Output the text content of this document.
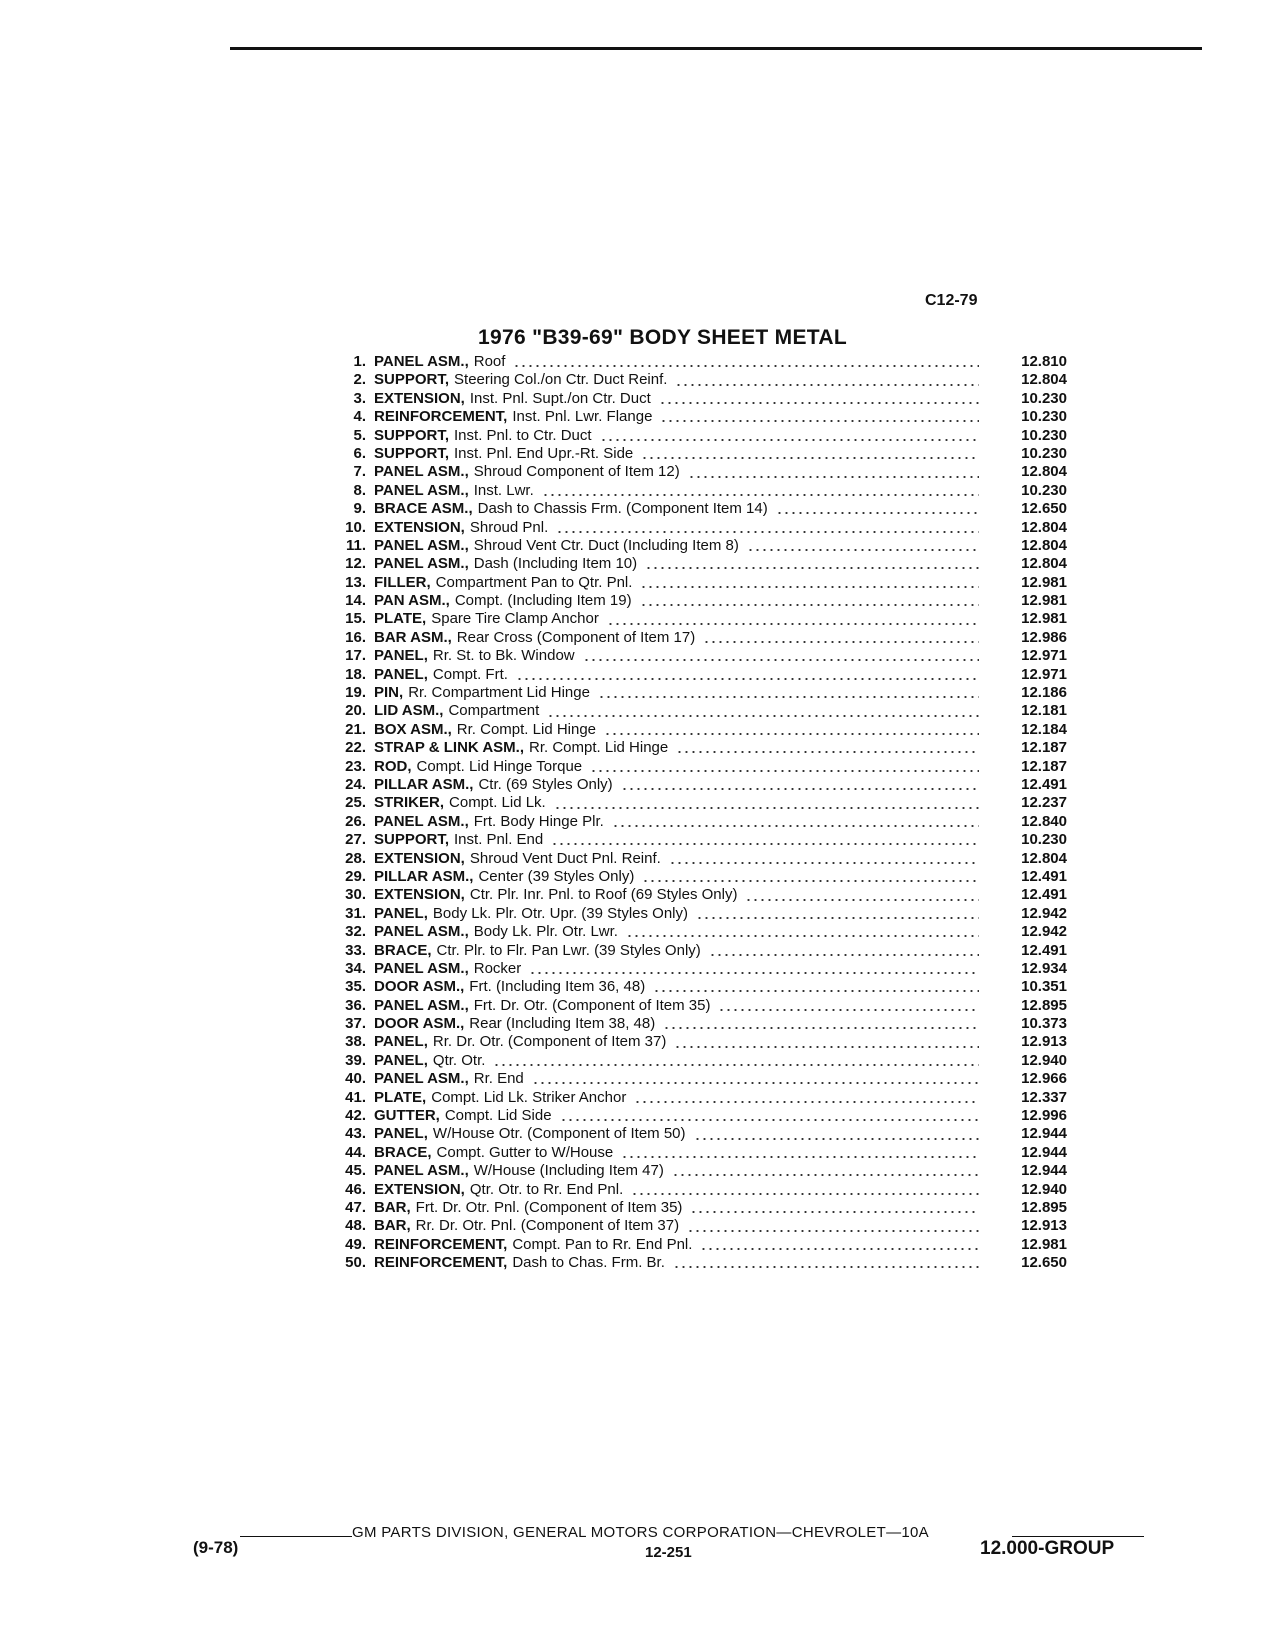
C12-79
1976 "B39-69" BODY SHEET METAL
1. PANEL ASM., Roof	12.810
2. SUPPORT, Steering Col./on Ctr. Duct Reinf.	12.804
3. EXTENSION, Inst. Pnl. Supt./on Ctr. Duct	10.230
4. REINFORCEMENT, Inst. Pnl. Lwr. Flange	10.230
5. SUPPORT, Inst. Pnl. to Ctr. Duct	10.230
6. SUPPORT, Inst. Pnl. End Upr.-Rt. Side	10.230
7. PANEL ASM., Shroud Component of Item 12)	12.804
8. PANEL ASM., Inst. Lwr.	10.230
9. BRACE ASM., Dash to Chassis Frm. (Component Item 14)	12.650
10. EXTENSION, Shroud Pnl.	12.804
11. PANEL ASM., Shroud Vent Ctr. Duct (Including Item 8)	12.804
12. PANEL ASM., Dash (Including Item 10)	12.804
13. FILLER, Compartment Pan to Qtr. Pnl.	12.981
14. PAN ASM., Compt. (Including Item 19)	12.981
15. PLATE, Spare Tire Clamp Anchor	12.981
16. BAR ASM., Rear Cross (Component of Item 17)	12.986
17. PANEL, Rr. St. to Bk. Window	12.971
18. PANEL, Compt. Frt.	12.971
19. PIN, Rr. Compartment Lid Hinge	12.186
20. LID ASM., Compartment	12.181
21. BOX ASM., Rr. Compt. Lid Hinge	12.184
22. STRAP & LINK ASM., Rr. Compt. Lid Hinge	12.187
23. ROD, Compt. Lid Hinge Torque	12.187
24. PILLAR ASM., Ctr. (69 Styles Only)	12.491
25. STRIKER, Compt. Lid Lk.	12.237
26. PANEL ASM., Frt. Body Hinge Plr.	12.840
27. SUPPORT, Inst. Pnl. End	10.230
28. EXTENSION, Shroud Vent Duct Pnl. Reinf.	12.804
29. PILLAR ASM., Center (39 Styles Only)	12.491
30. EXTENSION, Ctr. Plr. Inr. Pnl. to Roof (69 Styles Only)	12.491
31. PANEL, Body Lk. Plr. Otr. Upr. (39 Styles Only)	12.942
32. PANEL ASM., Body Lk. Plr. Otr. Lwr.	12.942
33. BRACE, Ctr. Plr. to Flr. Pan Lwr. (39 Styles Only)	12.491
34. PANEL ASM., Rocker	12.934
35. DOOR ASM., Frt. (Including Item 36, 48)	10.351
36. PANEL ASM., Frt. Dr. Otr. (Component of Item 35)	12.895
37. DOOR ASM., Rear (Including Item 38, 48)	10.373
38. PANEL, Rr. Dr. Otr. (Component of Item 37)	12.913
39. PANEL, Qtr. Otr.	12.940
40. PANEL ASM., Rr. End	12.966
41. PLATE, Compt. Lid Lk. Striker Anchor	12.337
42. GUTTER, Compt. Lid Side	12.996
43. PANEL, W/House Otr. (Component of Item 50)	12.944
44. BRACE, Compt. Gutter to W/House	12.944
45. PANEL ASM., W/House (Including Item 47)	12.944
46. EXTENSION, Qtr. Otr. to Rr. End Pnl.	12.940
47. BAR, Frt. Dr. Otr. Pnl. (Component of Item 35)	12.895
48. BAR, Rr. Dr. Otr. Pnl. (Component of Item 37)	12.913
49. REINFORCEMENT, Compt. Pan to Rr. End Pnl.	12.981
50. REINFORCEMENT, Dash to Chas. Frm. Br.	12.650
GM PARTS DIVISION, GENERAL MOTORS CORPORATION—CHEVROLET—10A
(9-78)	12-251	12.000-GROUP
